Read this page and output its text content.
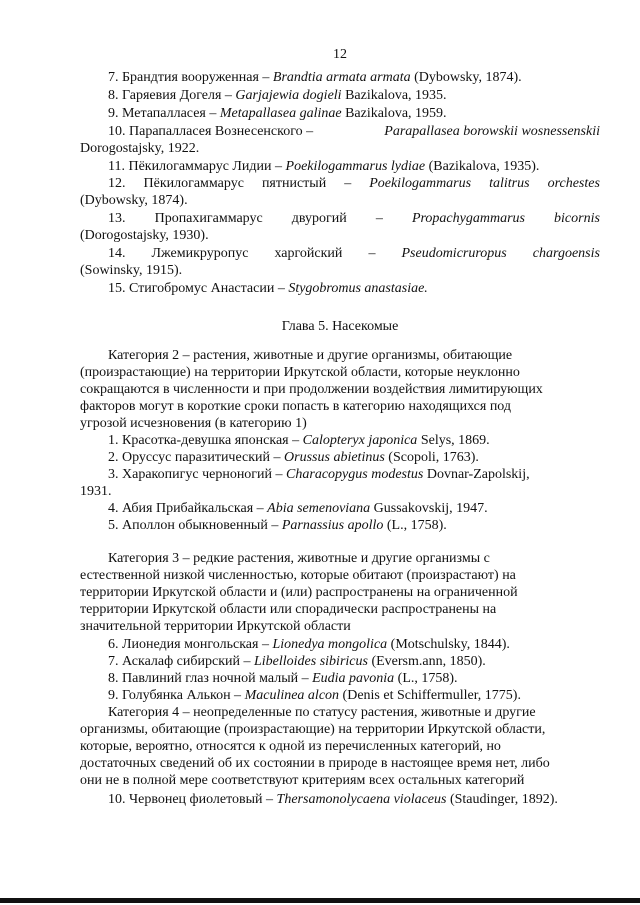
12
7. Брандтия вооруженная – Brandtia armata armata (Dybowsky, 1874).
8. Гаряевия Догеля – Garjajewia dogieli Bazikalova, 1935.
9. Метапалласея – Metapallasea galinae Bazikalova, 1959.
10. Парапалласея Вознесенского –	Parapallasea borowskii wosnessenskii
Dorogostajsky, 1922.
11. Пёкилогаммарус Лидии – Poekilogammarus lydiae (Bazikalova, 1935).
12. Пёкилогаммарус пятнистый – Poekilogammarus talitrus orchestes
(Dybowsky, 1874).
13. Пропахигаммарус двурогий – Propachygammarus bicornis
(Dorogostajsky, 1930).
14. Лжемикруропус харгойский – Pseudomicruropus chargoensis
(Sowinsky, 1915).
15. Стигобромус Анастасии – Stygobromus anastasiae.
Глава 5. Насекомые
Категория 2 – растения, животные и другие организмы, обитающие
(произрастающие) на территории Иркутской области, которые неуклонно
сокращаются в численности и при продолжении воздействия лимитирующих
факторов могут в короткие сроки попасть в категорию находящихся под
угрозой исчезновения (в категорию 1)
1. Красотка-девушка японская – Calopteryx japonica Selys, 1869.
2. Оруссус паразитический – Orussus abietinus (Scopoli, 1763).
3. Харакопигус черноногий – Characopygus modestus Dovnar-Zapolskij,
1931.
4. Абия Прибайкальская – Abia semenoviana Gussakovskij, 1947.
5. Аполлон обыкновенный – Parnassius apollo (L., 1758).
Категория 3 – редкие растения, животные и другие организмы с
естественной низкой численностью, которые обитают (произрастают) на
территории Иркутской области и (или) распространены на ограниченной
территории Иркутской области или спорадически распространены на
значительной территории Иркутской области
6. Лионедия монгольская – Lionedya mongolica (Motschulsky, 1844).
7. Аскалаф сибирский – Libelloides sibiricus (Eversm.ann, 1850).
8. Павлиний глаз ночной малый – Eudia pavonia (L., 1758).
9. Голубянка Алькон – Maculinea alcon (Denis et Schiffermuller, 1775).
Категория 4 – неопределенные по статусу растения, животные и другие
организмы, обитающие (произрастающие) на территории Иркутской области,
которые, вероятно, относятся к одной из перечисленных категорий, но
достаточных сведений об их состоянии в природе в настоящее время нет, либо
они не в полной мере соответствуют критериям всех остальных категорий
10. Червонец фиолетовый – Thersamonolycaena violaceus (Staudinger, 1892).
